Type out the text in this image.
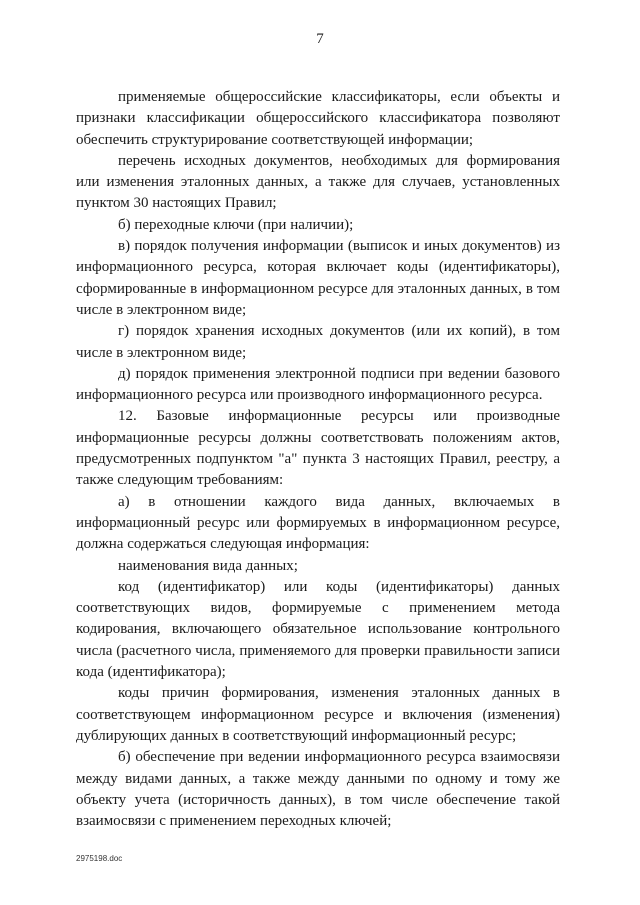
7

применяемые общероссийские классификаторы, если объекты и признаки классификации общероссийского классификатора позволяют обеспечить структурирование соответствующей информации;

перечень исходных документов, необходимых для формирования или изменения эталонных данных, а также для случаев, установленных пунктом 30 настоящих Правил;

б) переходные ключи (при наличии);

в) порядок получения информации (выписок и иных документов) из информационного ресурса, которая включает коды (идентификаторы), сформированные в информационном ресурсе для эталонных данных, в том числе в электронном виде;

г) порядок хранения исходных документов (или их копий), в том числе в электронном виде;

д) порядок применения электронной подписи при ведении базового информационного ресурса или производного информационного ресурса.

12. Базовые информационные ресурсы или производные информационные ресурсы должны соответствовать положениям актов, предусмотренных подпунктом "а" пункта 3 настоящих Правил, реестру, а также следующим требованиям:

а) в отношении каждого вида данных, включаемых в информационный ресурс или формируемых в информационном ресурсе, должна содержаться следующая информация:

наименования вида данных;

код (идентификатор) или коды (идентификаторы) данных соответствующих видов, формируемые с применением метода кодирования, включающего обязательное использование контрольного числа (расчетного числа, применяемого для проверки правильности записи кода (идентификатора);

коды причин формирования, изменения эталонных данных в соответствующем информационном ресурсе и включения (изменения) дублирующих данных в соответствующий информационный ресурс;

б) обеспечение при ведении информационного ресурса взаимосвязи между видами данных, а также между данными по одному и тому же объекту учета (историчность данных), в том числе обеспечение такой взаимосвязи с применением переходных ключей;

2975198.doc
